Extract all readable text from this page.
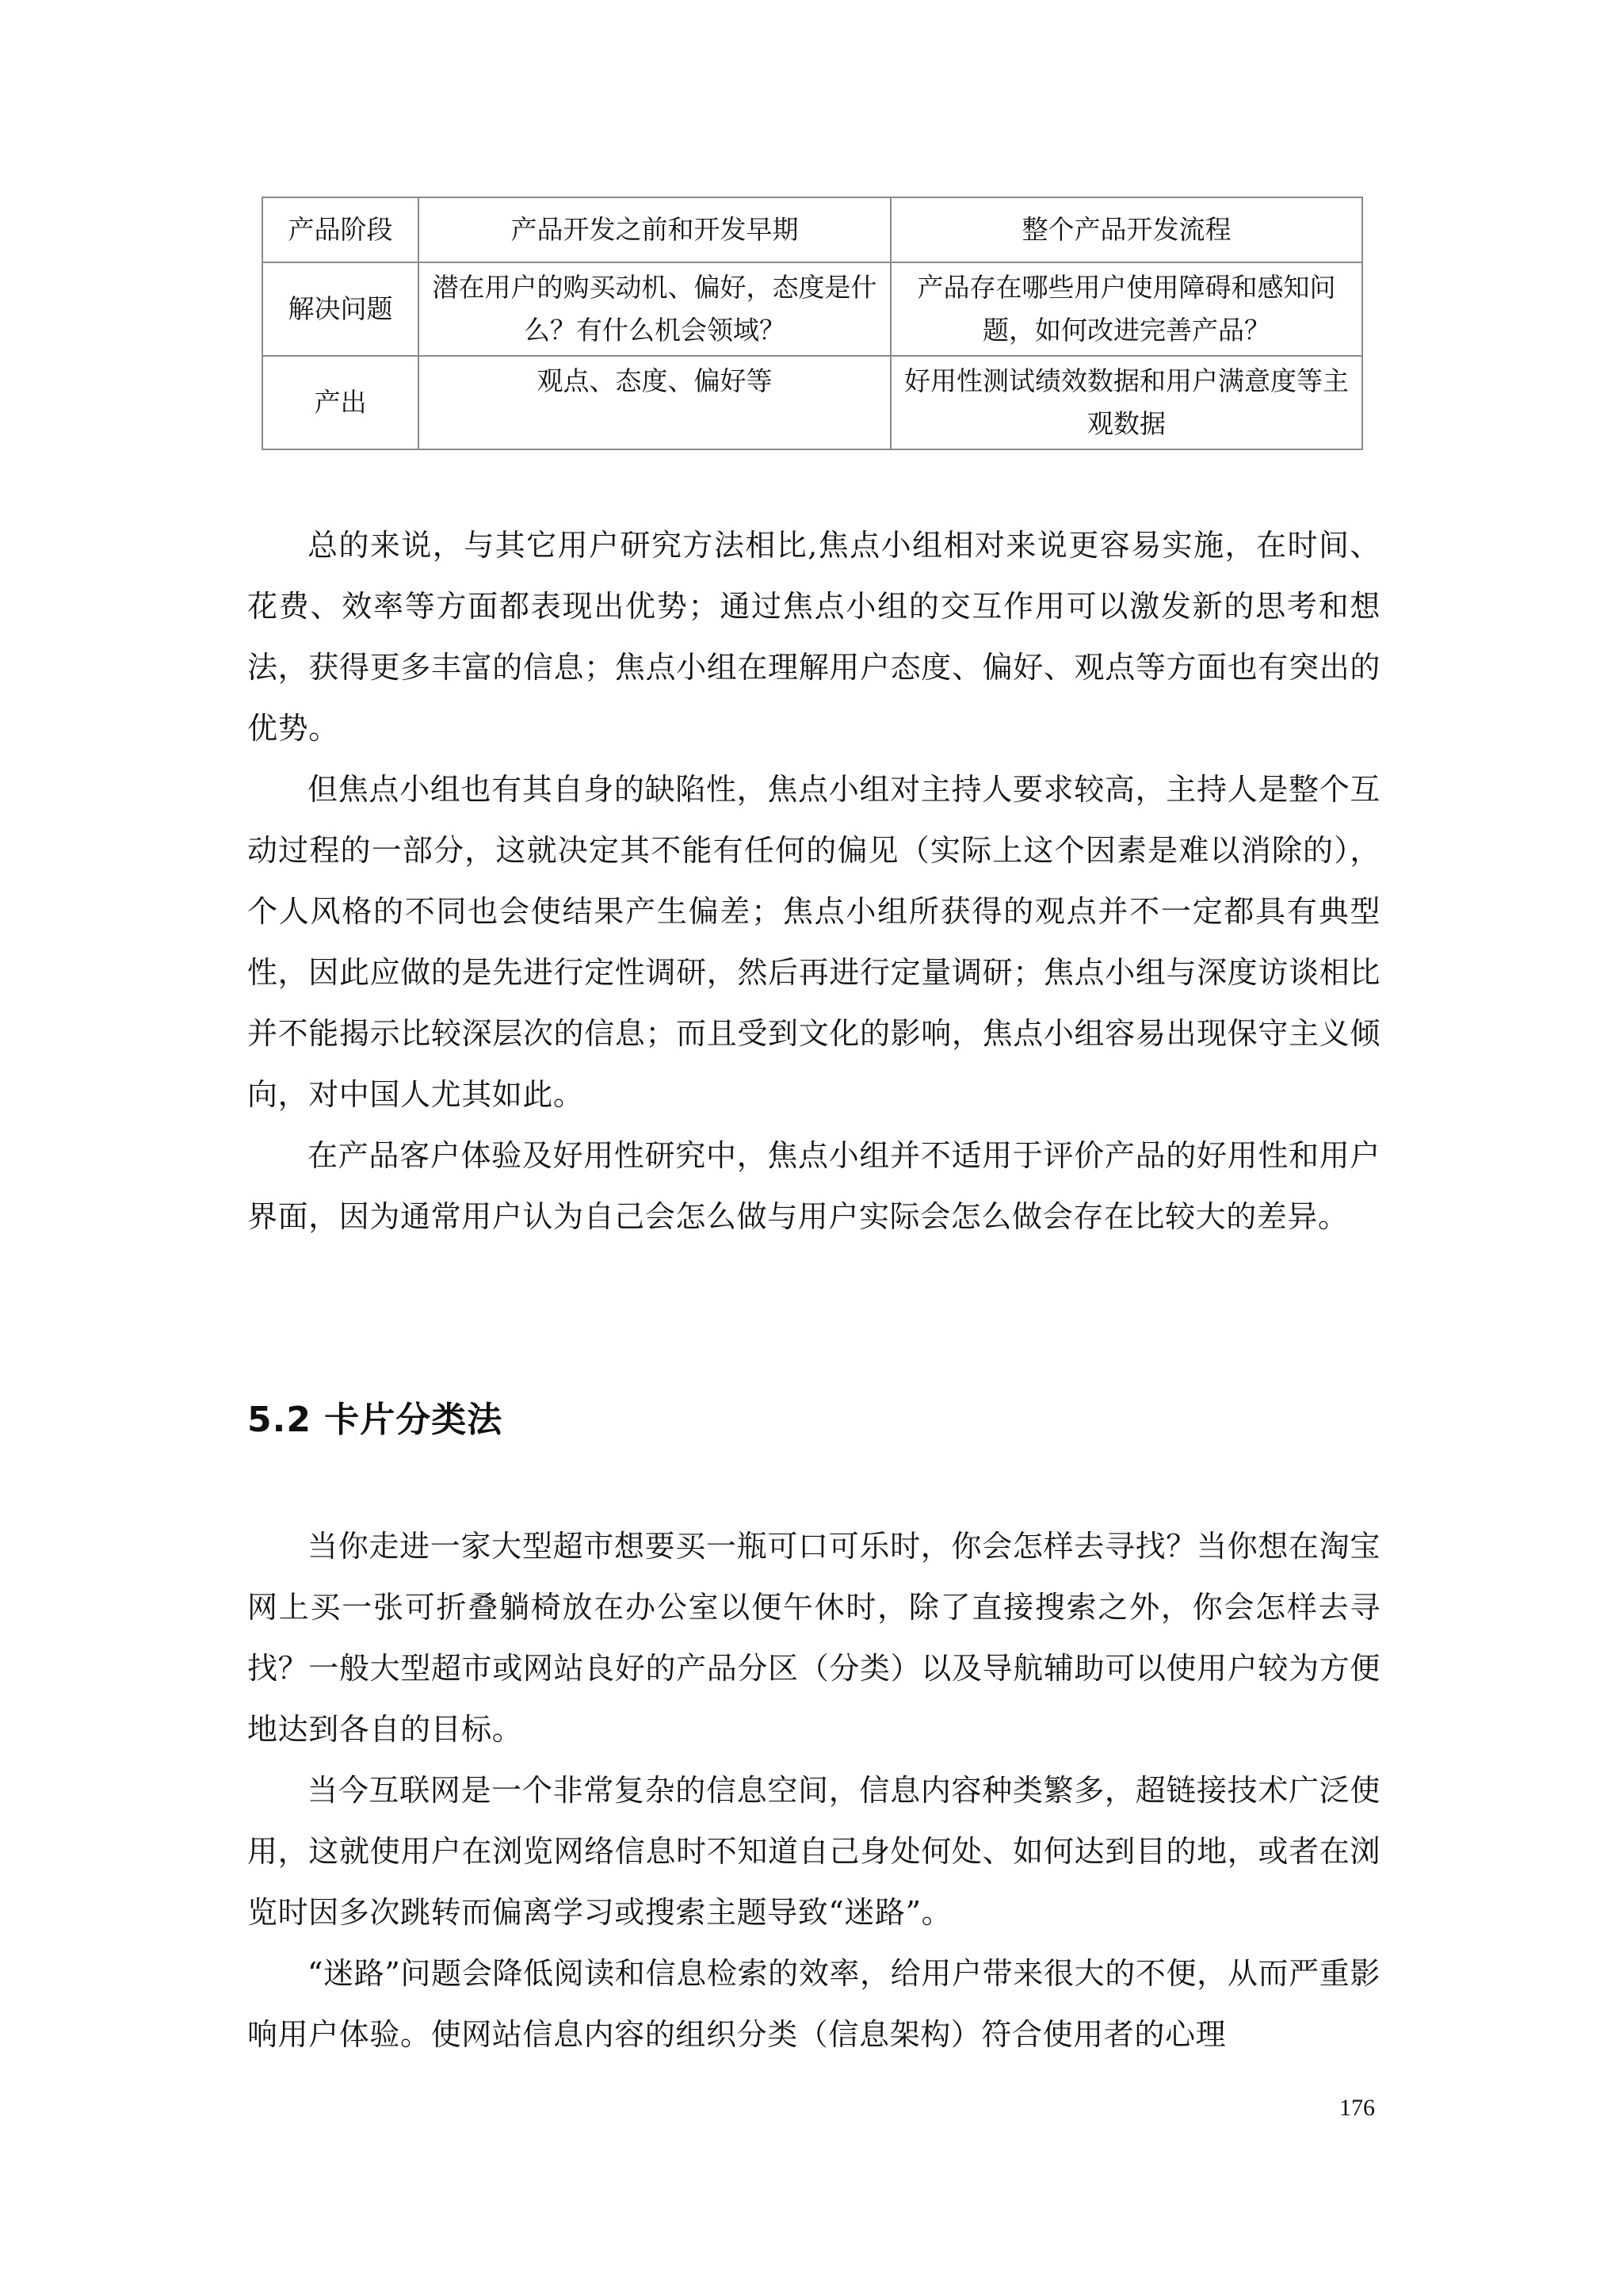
产品阶段	产品开发之前和开发早期	整个产品开发流程
解决问题	潜在用户的购买动机、偏好，态度是什么？有什么机会领域？	产品存在哪些用户使用障碍和感知问题，如何改进完善产品？
产出	观点、态度、偏好等	好用性测试绩效数据和用户满意度等主观数据

总的来说，与其它用户研究方法相比,焦点小组相对来说更容易实施，在时间、花费、效率等方面都表现出优势；通过焦点小组的交互作用可以激发新的思考和想法，获得更多丰富的信息；焦点小组在理解用户态度、偏好、观点等方面也有突出的优势。

但焦点小组也有其自身的缺陷性，焦点小组对主持人要求较高，主持人是整个互动过程的一部分，这就决定其不能有任何的偏见（实际上这个因素是难以消除的），个人风格的不同也会使结果产生偏差；焦点小组所获得的观点并不一定都具有典型性，因此应做的是先进行定性调研，然后再进行定量调研；焦点小组与深度访谈相比并不能揭示比较深层次的信息；而且受到文化的影响，焦点小组容易出现保守主义倾向，对中国人尤其如此。

在产品客户体验及好用性研究中，焦点小组并不适用于评价产品的好用性和用户界面，因为通常用户认为自己会怎么做与用户实际会怎么做会存在比较大的差异。

5.2 卡片分类法

当你走进一家大型超市想要买一瓶可口可乐时，你会怎样去寻找？当你想在淘宝网上买一张可折叠躺椅放在办公室以便午休时，除了直接搜索之外，你会怎样去寻找？一般大型超市或网站良好的产品分区（分类）以及导航辅助可以使用户较为方便地达到各自的目标。

当今互联网是一个非常复杂的信息空间，信息内容种类繁多，超链接技术广泛使用，这就使用户在浏览网络信息时不知道自己身处何处、如何达到目的地，或者在浏览时因多次跳转而偏离学习或搜索主题导致“迷路”。

“迷路”问题会降低阅读和信息检索的效率，给用户带来很大的不便，从而严重影响用户体验。使网站信息内容的组织分类（信息架构）符合使用者的心理

176
